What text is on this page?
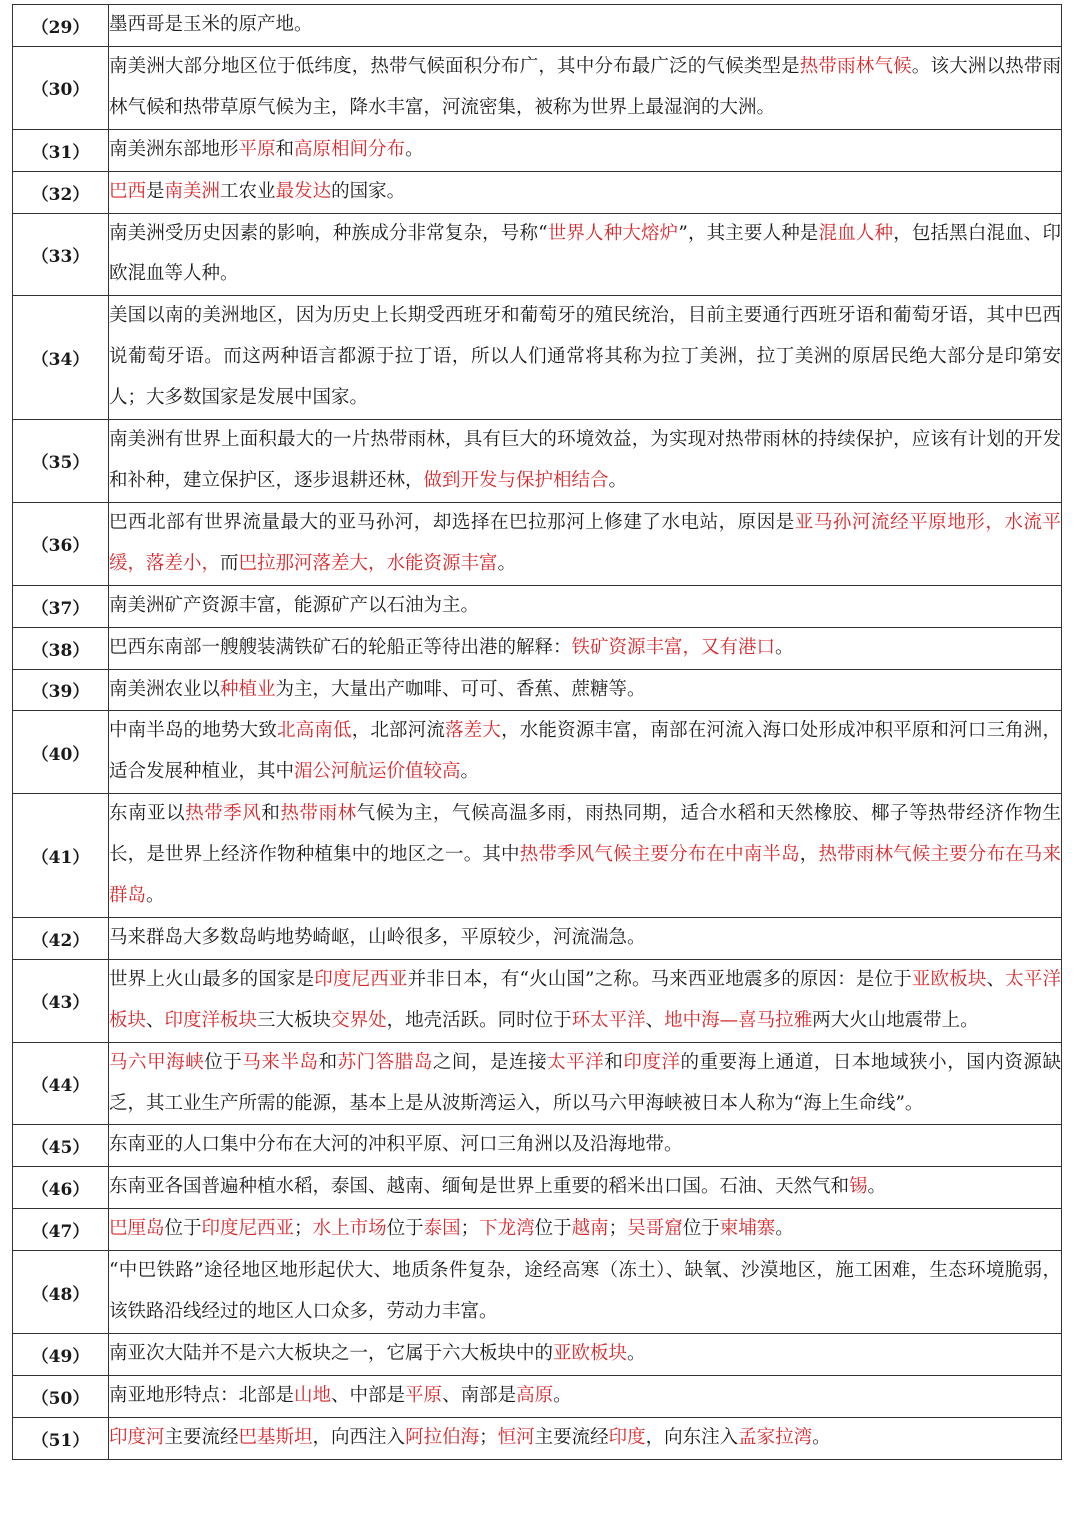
（29）	墨西哥是玉米的原产地。
（30）	南美洲大部分地区位于低纬度，热带气候面积分布广，其中分布最广泛的气候类型是热带雨林气候。该大洲以热带雨林气候和热带草原气候为主，降水丰富，河流密集，被称为世界上最湿润的大洲。
（31）	南美洲东部地形平原和高原相间分布。
（32）	巴西是南美洲工农业最发达的国家。
（33）	南美洲受历史因素的影响，种族成分非常复杂，号称“世界人种大熔炉”，其主要人种是混血人种，包括黑白混血、印欧混血等人种。
（34）	美国以南的美洲地区，因为历史上长期受西班牙和葡萄牙的殖民统治，目前主要通行西班牙语和葡萄牙语，其中巴西说葡萄牙语。而这两种语言都源于拉丁语，所以人们通常将其称为拉丁美洲，拉丁美洲的原居民绝大部分是印第安人；大多数国家是发展中国家。
（35）	南美洲有世界上面积最大的一片热带雨林，具有巨大的环境效益，为实现对热带雨林的持续保护，应该有计划的开发和补种，建立保护区，逐步退耕还林，做到开发与保护相结合。
（36）	巴西北部有世界流量最大的亚马孙河，却选择在巴拉那河上修建了水电站，原因是亚马孙河流经平原地形，水流平缓，落差小，而巴拉那河落差大，水能资源丰富。
（37）	南美洲矿产资源丰富，能源矿产以石油为主。
（38）	巴西东南部一艘艘装满铁矿石的轮船正等待出港的解释：铁矿资源丰富，又有港口。
（39）	南美洲农业以种植业为主，大量出产咖啡、可可、香蕉、蔗糖等。
（40）	中南半岛的地势大致北高南低，北部河流落差大，水能资源丰富，南部在河流入海口处形成冲积平原和河口三角洲，适合发展种植业，其中湄公河航运价值较高。
（41）	东南亚以热带季风和热带雨林气候为主，气候高温多雨，雨热同期，适合水稻和天然橡胶、椰子等热带经济作物生长，是世界上经济作物种植集中的地区之一。其中热带季风气候主要分布在中南半岛，热带雨林气候主要分布在马来群岛。
（42）	马来群岛大多数岛屿地势崎岖，山岭很多，平原较少，河流湍急。
（43）	世界上火山最多的国家是印度尼西亚并非日本，有“火山国”之称。马来西亚地震多的原因：是位于亚欧板块、太平洋板块、印度洋板块三大板块交界处，地壳活跃。同时位于环太平洋、地中海—喜马拉雅两大火山地震带上。
（44）	马六甲海峡位于马来半岛和苏门答腊岛之间，是连接太平洋和印度洋的重要海上通道，日本地域狭小，国内资源缺乏，其工业生产所需的能源，基本上是从波斯湾运入，所以马六甲海峡被日本人称为“海上生命线”。
（45）	东南亚的人口集中分布在大河的冲积平原、河口三角洲以及沿海地带。
（46）	东南亚各国普遍种植水稻，泰国、越南、缅甸是世界上重要的稻米出口国。石油、天然气和锡。
（47）	巴厘岛位于印度尼西亚；水上市场位于泰国；下龙湾位于越南；吴哥窟位于柬埔寨。
（48）	“中巴铁路”途径地区地形起伏大、地质条件复杂，途经高寒（冻土）、缺氧、沙漠地区，施工困难，生态环境脆弱，该铁路沿线经过的地区人口众多，劳动力丰富。
（49）	南亚次大陆并不是六大板块之一，它属于六大板块中的亚欧板块。
（50）	南亚地形特点：北部是山地、中部是平原、南部是高原。
（51）	印度河主要流经巴基斯坦，向西注入阿拉伯海；恒河主要流经印度，向东注入孟家拉湾。
